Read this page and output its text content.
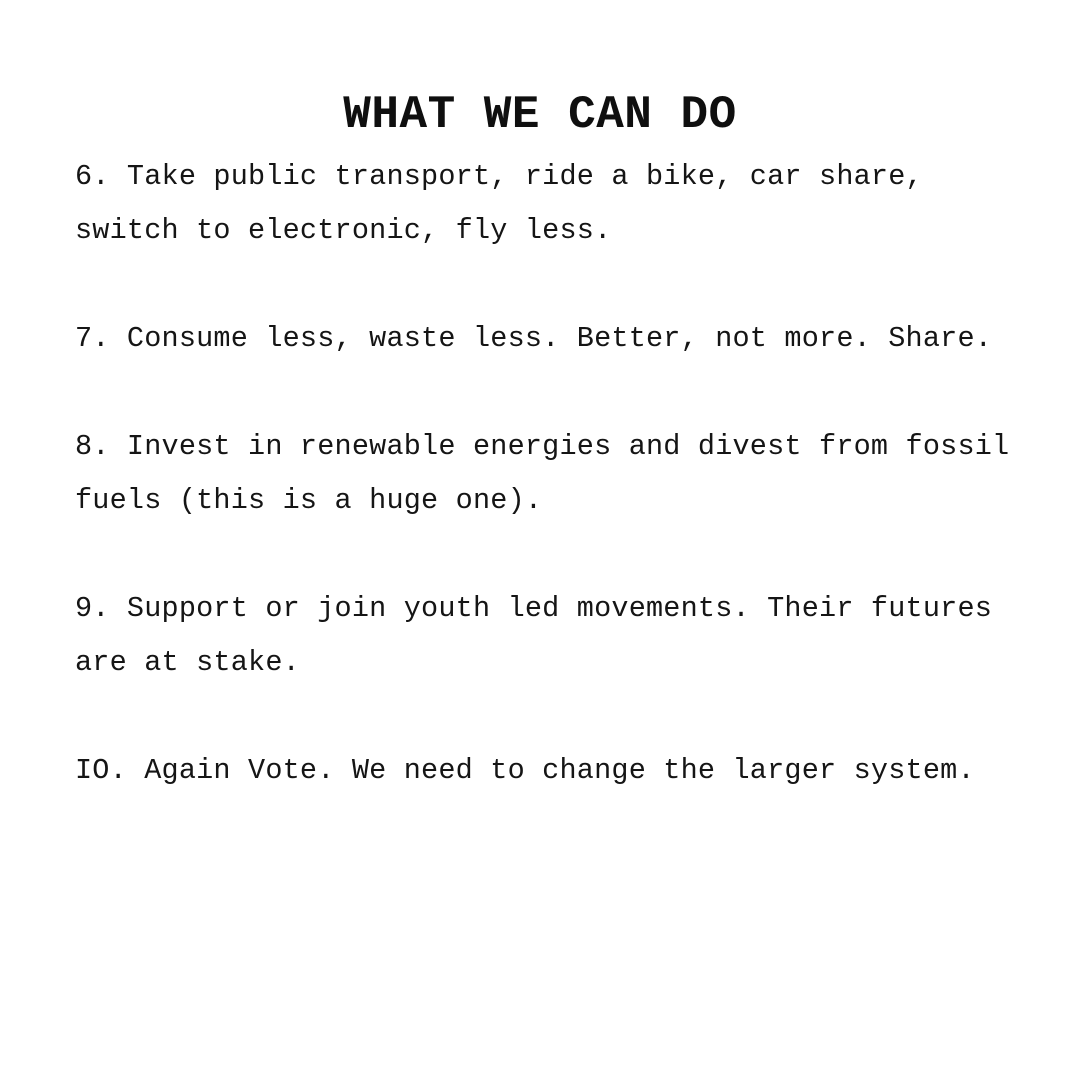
WHAT WE CAN DO
6. Take public transport, ride a bike, car share,
switch to electronic, fly less.
7. Consume less, waste less. Better, not more. Share.
8. Invest in renewable energies and divest from fossil
fuels (this is a huge one).
9. Support or join youth led movements. Their futures
are at stake.
IO. Again Vote. We need to change the larger system.
